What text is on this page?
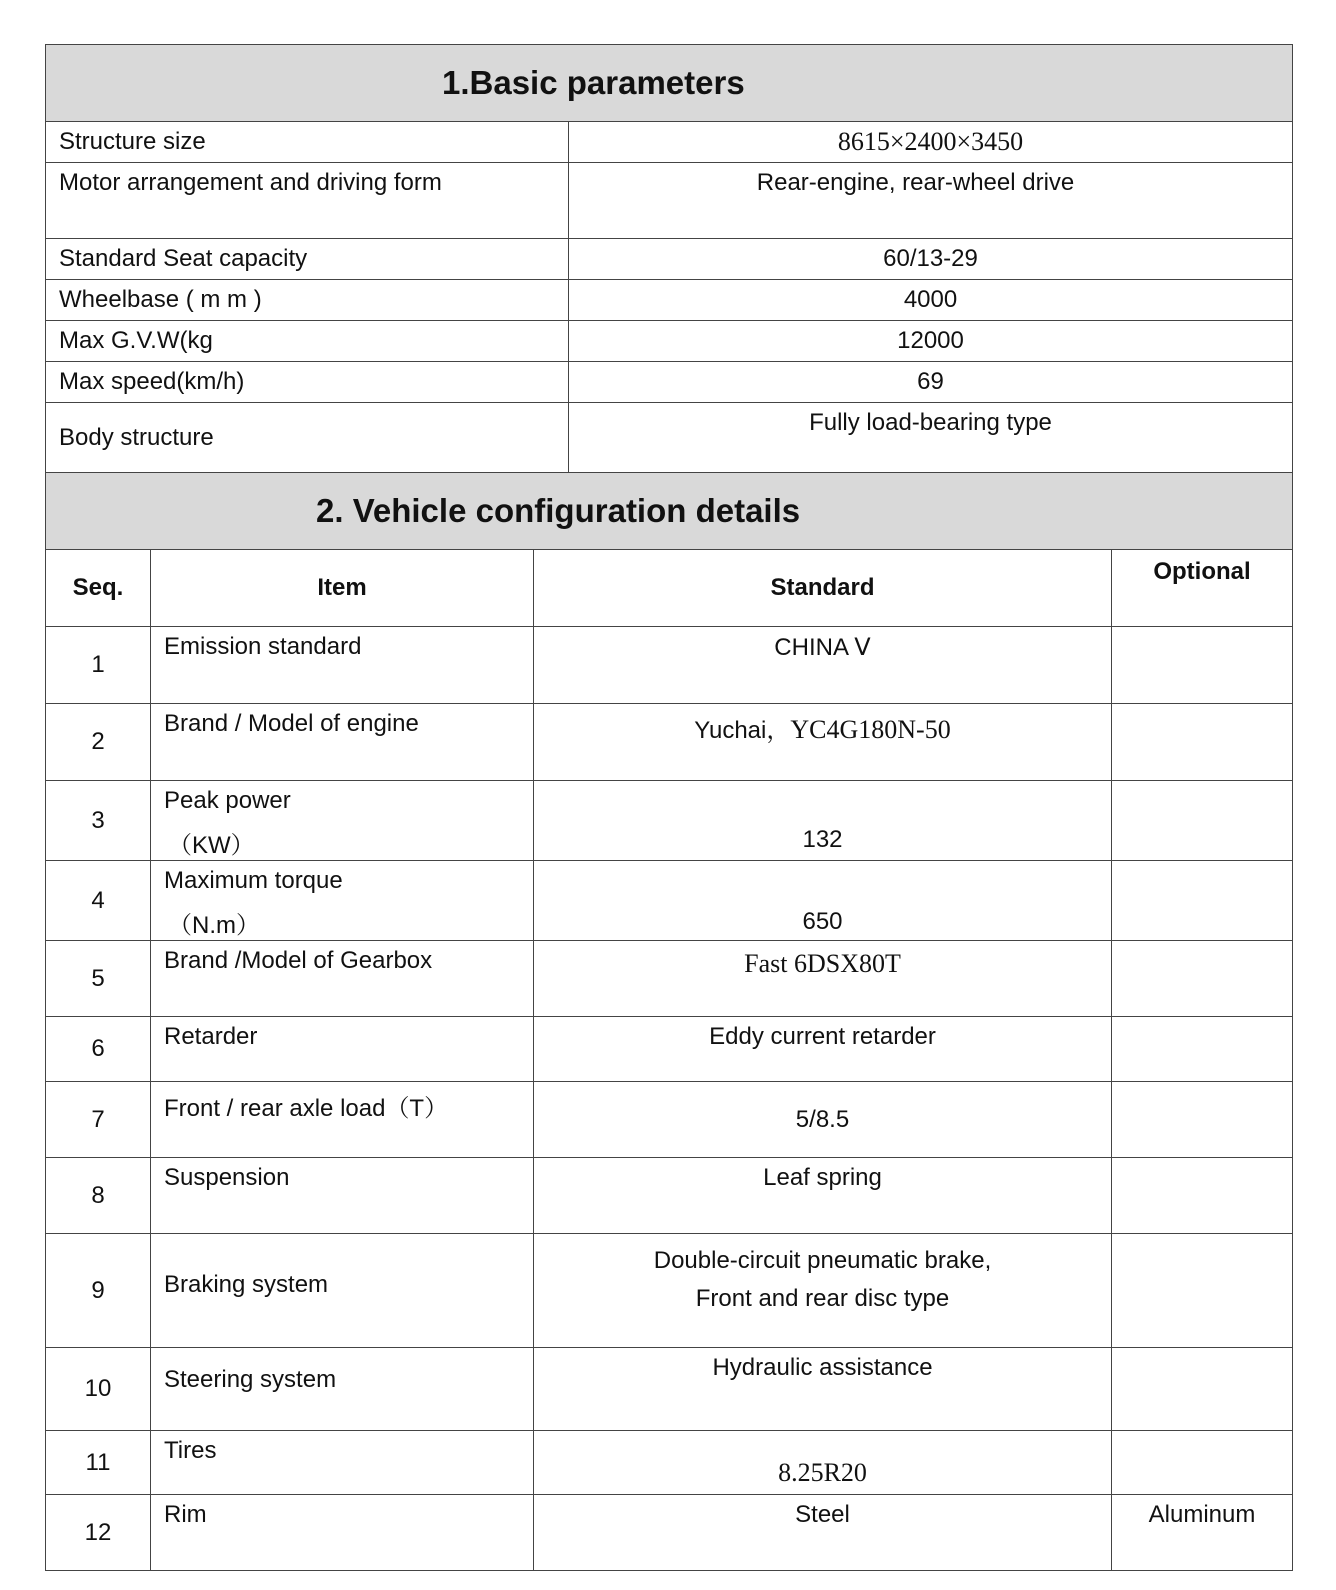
1.Basic parameters	
Structure size	8615×2400×3450
Motor arrangement and driving form	Rear-engine, rear-wheel drive
Standard Seat capacity	60/13-29
Wheelbase ( m m )	4000
Max G.V.W(kg	12000
Max speed(km/h)	69
Body structure	Fully load-bearing type
2. Vehicle configuration details			
Seq.	Item	Standard	Optional
1	Emission standard	CHINA Ⅴ	
2	Brand / Model of engine	Yuchai，YC4G180N-50	
3	Peak power
（KW）	132	
4	Maximum torque
（N.m）	650	
5	Brand /Model of Gearbox	Fast 6DSX80T	
6	Retarder	Eddy current retarder	
7	Front / rear axle load（T）	5/8.5	
8	Suspension	Leaf spring	
9	Braking system	Double-circuit pneumatic brake,
Front and rear disc type	

10	Steering system	Hydraulic assistance	
11	Tires	8.25R20	
12	Rim	Steel	Aluminum
